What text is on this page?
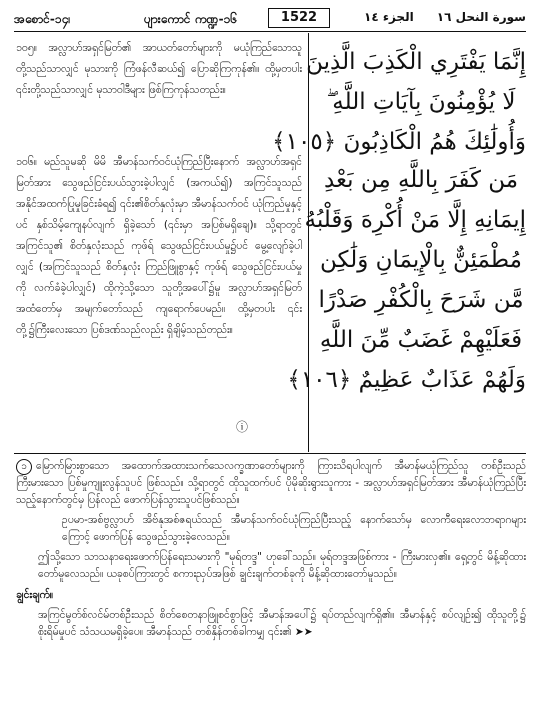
အစောင်-၁၄၊	ပျားကောင် ကဏ္ဍ-၁၆	1522	الجزء ١٤ سورة النحل ١٦

၁၀၅။ အလ္လာဟ်အရှင်မြတ်၏ အာယတ်တော်များကို မယုံကြည်သောသူတို့သည်သာလျှင် မုသားကို ကြံဖန်လီဆယ်၍ ပြောဆိုကြကုန်၏။ ထို့မှတပါး ၎င်းတို့သည်သာလျှင် မုသာဝါဒီများ ဖြစ်ကြကုန်သတည်း။

၁၀၆။ မည်သူမဆို မိမိ အီမာန်သက်ဝင်ယုံကြည်ပြီးနောက် အလ္လာဟ်အရှင်မြတ်အား သွေဖည်ငြင်းပယ်သွားခဲ့ပါလျှင် (အကယ်၍) အကြင်သူသည် အနိုင်အထက်ပြုမှုခြင်းခံရ၍ ၎င်း၏စိတ်နှလုံးမှာ အီမာန်သက်ဝင် ယုံကြည်မှုနှင့်ပင် နှစ်သိမ့်ကျေနပ်လျက် ရှိခဲ့သော် (၎င်းမှာ အပြစ်မရှိချေ)။ သို့ရာတွင် အကြင်သူ၏ စိတ်နှလုံးသည် ကုဖ်ရ် သွေဖည်ငြင်းပယ်မှု၌ပင် မွေ့လျော်ခဲ့ပါလျှင် (အကြင်သူသည် စိတ်နှလုံး ကြည်ဖြူစွာနှင့် ကုဖ်ရ် သွေဖည်ငြင်းပယ်မှုကို လက်ခံခဲ့ပါလျှင်) ထိုကဲ့သို့သော သူတို့အပေါ်၌မူ အလ္လာဟ်အရှင်မြတ်အထံတော်မှ အမျက်တော်သည် ကျရောက်ပေမည်။ ထို့မှတပါး ၎င်းတို့၌ကြီးလေးသော ပြစ်ဒဏ်သည်လည်း ရှိချိမ့်သည်တည်း။

ⓘ
إِنَّمَا يَفْتَرِي الْكَذِبَ الَّذِينَ
لَا يُؤْمِنُونَ بِآيَاتِ اللَّهِ ۖ
وَأُولَٰئِكَ هُمُ الْكَاذِبُونَ ﴿١٠٥﴾
مَن كَفَرَ بِاللَّهِ مِن بَعْدِ
إِيمَانِهِ إِلَّا مَنْ أُكْرِهَ وَقَلْبُهُ
مُطْمَئِنٌّ بِالْإِيمَانِ وَلَٰكِن
مَّن شَرَحَ بِالْكُفْرِ صَدْرًا
فَعَلَيْهِمْ غَضَبٌ مِّنَ اللَّهِ
وَلَهُمْ عَذَابٌ عَظِيمٌ ﴿١٠٦﴾

၁ မြောက်မြားစွာသော အထောက်အထားသက်သေလက္ခဏာတော်များကို ကြားသိရပါလျက် အီမာန်မယုံကြည်သူ တစ်ဦးသည် ကြီးမားသော ပြစ်မှုကျူးလွန်သူပင် ဖြစ်သည်။ သို့ရာတွင် ထိုသူထက်ပင် ပိုမိုဆိုးရွားသူကား - အလ္လာဟ်အရှင်မြတ်အား အီမာန်ယုံကြည်ပြီးသည့်နောက်တွင်မှ ပြန်လည် ဖောက်ပြန်သွားသူပင်ဖြစ်သည်။

ဥပမာ-အစ်ဗွလ္လာဟ် အိဗ်နုအစ်ဇရယ်သည် အီမာန်သက်ဝင်ယုံကြည်ပြီးသည့် နောက်သော်မှ လောကီရေးလောဘရာဂများကြောင့် ဖောက်ပြန် သွေဖည်သွားခဲ့လေသည်။

ဤသို့သော သာသနာရေးဖောက်ပြန်ရေးသမားကို "မုရ်တဒ္ဒ" ဟုခေါ်သည်။ မုရ်တဒ္ဒအဖြစ်ကား - ကြီးမားလှ၏။ ရှေ့တွင် မိန့်ဆိုထားတော်မူလေသည်။ ယခုစပ်ကြားတွင် စကားညှပ်အဖြစ် ချွင်းချက်တစ်ခုကို မိန့်ဆိုထားတော်မူသည်။

ချွင်းချက်။

အကြင်မွတ်စ်လင်မ်တစ်ဦးသည် စိတ်စေတနာဖြူစင်စွာဖြင့် အီမာန်အပေါ်၌ ရပ်တည်လျက်ရှိ၏။ အီမာန်နှင့် စပ်လျဉ်း၍ ထိုသူတို့၌ စိုးရိမ်မှုပင် သံသယမရှိခဲ့ပေ။ အီမာန်သည် တစ်နှိန်တစ်ခါကမျှ ၎င်း၏ ➤➤
